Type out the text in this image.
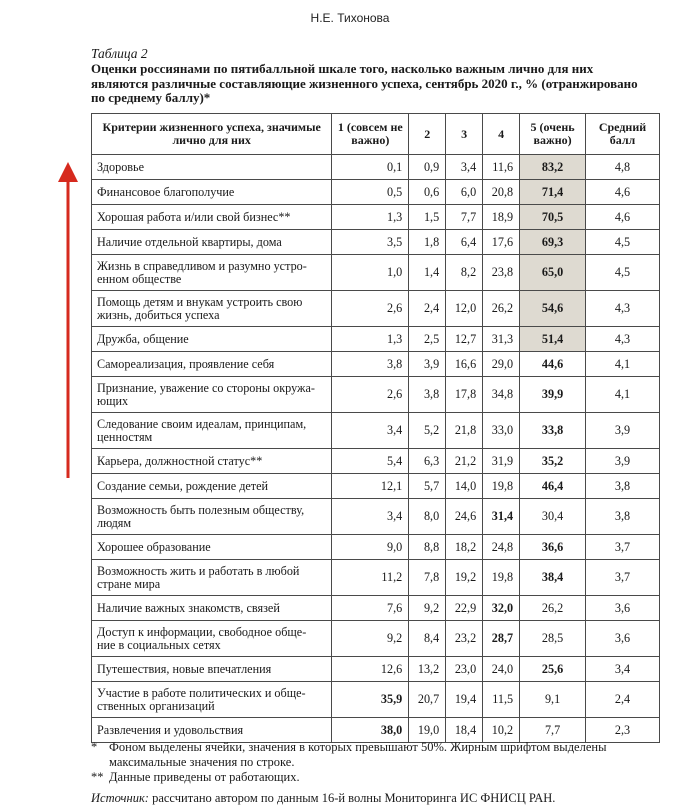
Н.Е. Тихонова
Таблица 2
Оценки россиянами по пятибалльной шкале того, насколько важным лично для них являются различные составляющие жизненного успеха, сентябрь 2020 г., % (отранжировано по среднему баллу)*
Критерии жизненного успеха, значимые лично для них	1 (совсем не важно)	2	3	4	5 (очень важно)	Средний балл
Здоровье	0,1	0,9	3,4	11,6	83,2	4,8
Финансовое благополучие	0,5	0,6	6,0	20,8	71,4	4,6
Хорошая работа и/или свой бизнес**	1,3	1,5	7,7	18,9	70,5	4,6
Наличие отдельной квартиры, дома	3,5	1,8	6,4	17,6	69,3	4,5
Жизнь в справедливом и разумно устро-
енном обществе	1,0	1,4	8,2	23,8	65,0	4,5
Помощь детям и внукам устроить свою
жизнь, добиться успеха	2,6	2,4	12,0	26,2	54,6	4,3
Дружба, общение	1,3	2,5	12,7	31,3	51,4	4,3
Самореализация, проявление себя	3,8	3,9	16,6	29,0	44,6	4,1
Признание, уважение со стороны окружа-
ющих	2,6	3,8	17,8	34,8	39,9	4,1
Следование своим идеалам, принципам,
ценностям	3,4	5,2	21,8	33,0	33,8	3,9
Карьера, должностной статус**	5,4	6,3	21,2	31,9	35,2	3,9
Создание семьи, рождение детей	12,1	5,7	14,0	19,8	46,4	3,8
Возможность быть полезным обществу,
людям	3,4	8,0	24,6	31,4	30,4	3,8
Хорошее образование	9,0	8,8	18,2	24,8	36,6	3,7
Возможность жить и работать в любой
стране мира	11,2	7,8	19,2	19,8	38,4	3,7
Наличие важных знакомств, связей	7,6	9,2	22,9	32,0	26,2	3,6
Доступ к информации, свободное обще-
ние в социальных сетях	9,2	8,4	23,2	28,7	28,5	3,6
Путешествия, новые впечатления	12,6	13,2	23,0	24,0	25,6	3,4
Участие в работе политических и обще-
ственных организаций	35,9	20,7	19,4	11,5	9,1	2,4
Развлечения и удовольствия	38,0	19,0	18,4	10,2	7,7	2,3
* Фоном выделены ячейки, значения в которых превышают 50%. Жирным шрифтом выделены максимальные значения по строке.
** Данные приведены от работающих.
Источник: рассчитано автором по данным 16-й волны Мониторинга ИС ФНИСЦ РАН.
